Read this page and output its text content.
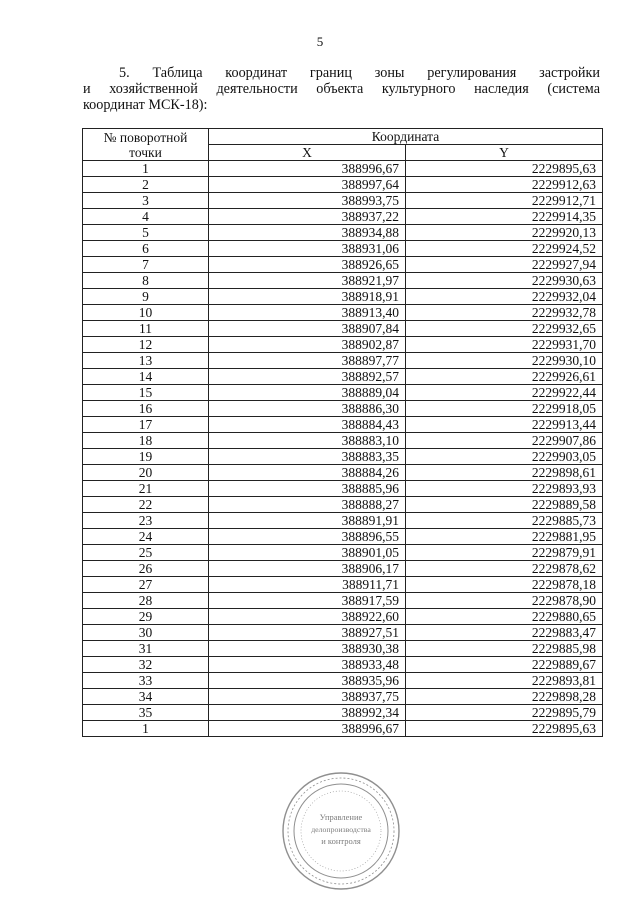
5
5. Таблица координат границ зоны регулирования застройки
и хозяйственной деятельности объекта культурного наследия (система
координат МСК-18):
№ поворотной
точки	Координата	
	X	Y
1	388996,67	2229895,63
2	388997,64	2229912,63
3	388993,75	2229912,71
4	388937,22	2229914,35
5	388934,88	2229920,13
6	388931,06	2229924,52
7	388926,65	2229927,94
8	388921,97	2229930,63
9	388918,91	2229932,04
10	388913,40	2229932,78
11	388907,84	2229932,65
12	388902,87	2229931,70
13	388897,77	2229930,10
14	388892,57	2229926,61
15	388889,04	2229922,44
16	388886,30	2229918,05
17	388884,43	2229913,44
18	388883,10	2229907,86
19	388883,35	2229903,05
20	388884,26	2229898,61
21	388885,96	2229893,93
22	388888,27	2229889,58
23	388891,91	2229885,73
24	388896,55	2229881,95
25	388901,05	2229879,91
26	388906,17	2229878,62
27	388911,71	2229878,18
28	388917,59	2229878,90
29	388922,60	2229880,65
30	388927,51	2229883,47
31	388930,38	2229885,98
32	388933,48	2229889,67
33	388935,96	2229893,81
34	388937,75	2229898,28
35	388992,34	2229895,79
1	388996,67	2229895,63
Управление
делопроизводства
и контроля
